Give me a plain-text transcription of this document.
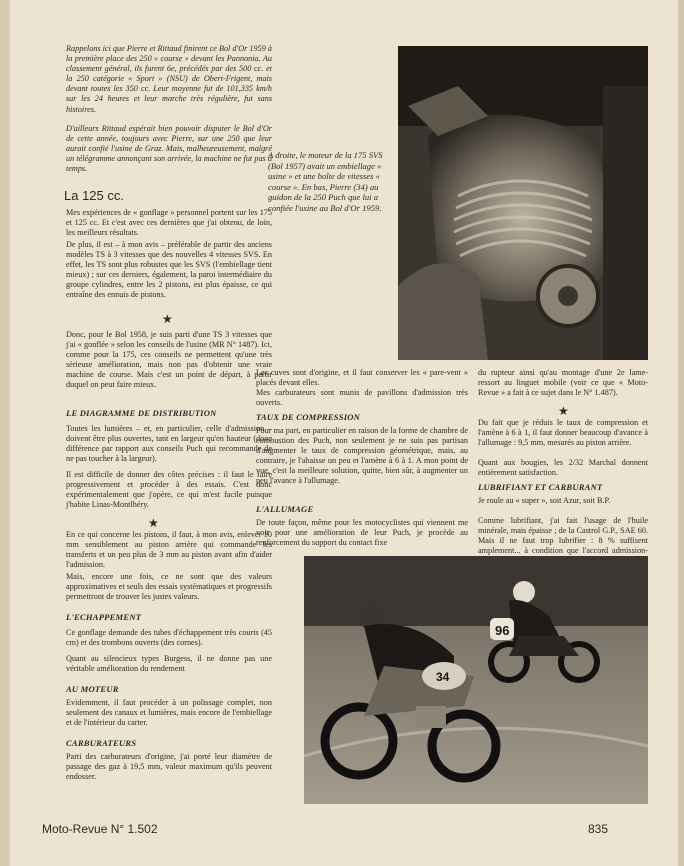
Rappelons ici que Pierre et Rittaud finirent ce Bol d'Or 1959 à la première place des 250 « course » devant les Pannonia. Au classement général, ils furent 6e, précédés par des 500 cc. et la 250 catégorie « Sport » (NSU) de Obert-Frigent, mais devant toutes les 350 cc. Leur moyenne fut de 101,335 km/h sur les 24 heures et leur marche très régulière, fut sans histoires.

D'ailleurs Rittaud espérait bien pouvoir disputer le Bol d'Or de cette année, toujours avec Pierre, sur une 250 que leur aurait confié l'usine de Graz. Mais, malheureusement, malgré un télégramme annonçant son arrivée, la machine ne fut pas à temps.

La 125 cc.

Mes expériences de « gonflage » personnel portent sur les 175 et 125 cc. Et c'est avec ces dernières que j'ai obtenu, de loin, les meilleurs résultats.

De plus, il est – à mon avis – préférable de partir des anciens modèles TS à 3 vitesses que des nouvelles 4 vitesses SVS. En effet, les TS sont plus robustes que les SVS (l'embiellage tient mieux) ; sur ces derniers, également, la paroi intermédiaire du groupe cylindres, entre les 2 pistons, est plus épaisse, ce qui entraîne des ennuis de pistons.

★

Donc, pour le Bol 1958, je suis parti d'une TS 3 vitesses que j'ai « gonflée » selon les conseils de l'usine (MR N° 1487). Ici, comme pour la 175, ces conseils ne permettent qu'une très sérieuse amélioration, mais non pas d'obtenir une vraie machine de course. Mais c'est un point de départ, à partir duquel on peut faire mieux.

LE DIAGRAMME DE DISTRIBUTION

Toutes les lumières – et, en particulier, celle d'admission – doivent être plus ouvertes, tant en largeur qu'en hauteur (donc différence par rapport aux conseils Puch qui recommande de ne pas toucher à la largeur).

Il est difficile de donner des côtes précises : il faut le faire progressivement et procéder à des essais. C'est donc expérimentalement que j'opère, ce qui m'est facile puisque j'habite Linas-Montlhéry.

★

En ce qui concerne les pistons, il faut, à mon avis, enlever 10 mm sensiblement au piston arrière qui commande les transferts et un peu plus de 3 mm au piston avant afin d'aider l'admission.

Mais, encore une fois, ce ne sont que des valeurs approximatives et seuls des essais systématiques et progressifs permettront de trouver les justes valeurs.

L'ECHAPPEMENT

Ce gonflage demande des tubes d'échappement très courts (45 cm) et des trombons ouverts (des cornes).

Quant au silencieux types Burgess, il ne donne pas une véritable amélioration du rendement

AU MOTEUR

Evidemment, il faut procéder à un polissage complet, non seulement des canaux et lumières, mais encore de l'embiellage et de l'intérieur du carter.

CARBURATEURS

Parti des carburateurs d'origine, j'ai porté leur diamètre de passage des gaz à 19,5 mm, valeur maximum qu'ils peuvent endosser.

A droite, le moteur de la 175 SVS (Bol 1957) avait un embiellage « usine » et une boîte de vitesses « course ». En bas, Pierre (34) au guidon de la 250 Puch que lui a confiée l'usine au Bol d'Or 1959.

Les cuves sont d'origine, et il faut conserver les « pare-vent » placés devant elles.

Mes carburateurs sont munis de pavillons d'admission très ouverts.

TAUX DE COMPRESSION

Pour ma part, en particulier en raison de la forme de chambre de combustion des Puch, non seulement je ne suis pas partisan d'augmenter le taux de compression géométrique, mais, au contraire, je l'abaisse un peu et l'amène à 6 à 1. A mon point de vue, c'est la meilleure solution, quitte, bien sûr, à augmenter un peu l'avance à l'allumage.

L'ALLUMAGE

De toute façon, même pour les motocyclistes qui viennent me voir pour une amélioration de leur Puch, je procède au renforcement du support du contact fixe

du rupteur ainsi qu'au montage d'une 2e lame-ressort au linguet mobile (voir ce que « Moto-Revue » a fait à ce sujet dans le N° 1.487).

★

Du fait que je réduis le taux de compression et l'amène à 6 à 1, il faut donner beaucoup d'avance à l'allumage : 9,5 mm, mesurés au piston arrière.

Quant aux bougies, les 2/32 Marchal donnent entièrement satisfaction.

LUBRIFIANT ET CARBURANT

Je roule au « super », soit Azur, soit B.P.

Comme lubrifiant, j'ai fait l'usage de l'huile minérale, mais épaisse ; de la Castrol G.P., SAE 60. Mais il ne faut trop lubrifier : 8 % suffisent amplement... à condition que l'accord admission-

96
34

Moto-Revue N° 1.502	835
